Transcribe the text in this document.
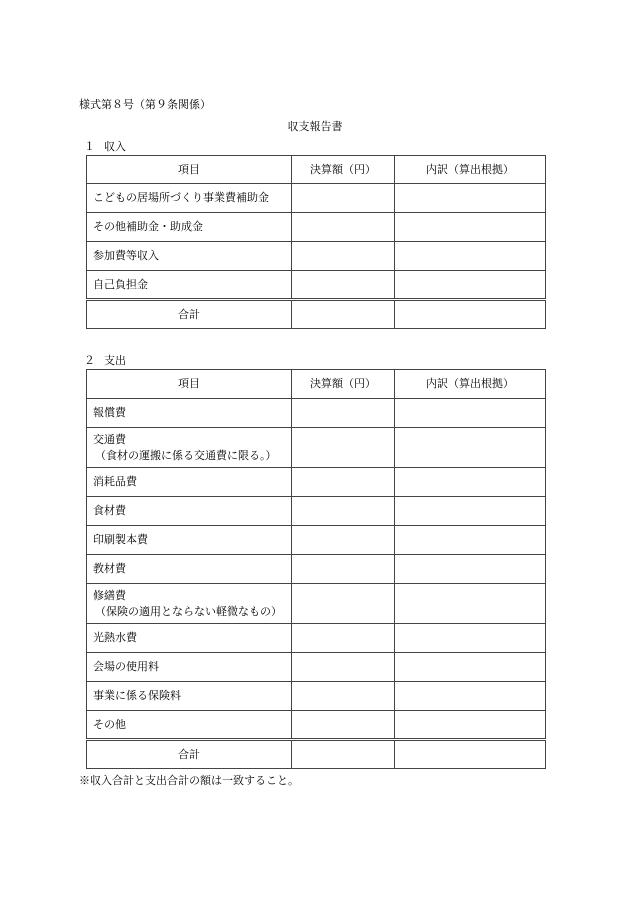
様式第８号（第９条関係）
収支報告書
１ 収入
項目	決算額（円）	内訳（算出根拠）
こどもの居場所づくり事業費補助金		
その他補助金・助成金		
参加費等収入		
自己負担金		
合計		
２ 支出
項目	決算額（円）	内訳（算出根拠）
報償費		
交通費
（食材の運搬に係る交通費に限る。）		

消耗品費		
食材費		
印刷製本費		
教材費		
修繕費
（保険の適用とならない軽微なもの）		

光熱水費		
会場の使用料		
事業に係る保険料		
その他		
合計		
※収入合計と支出合計の額は一致すること。
